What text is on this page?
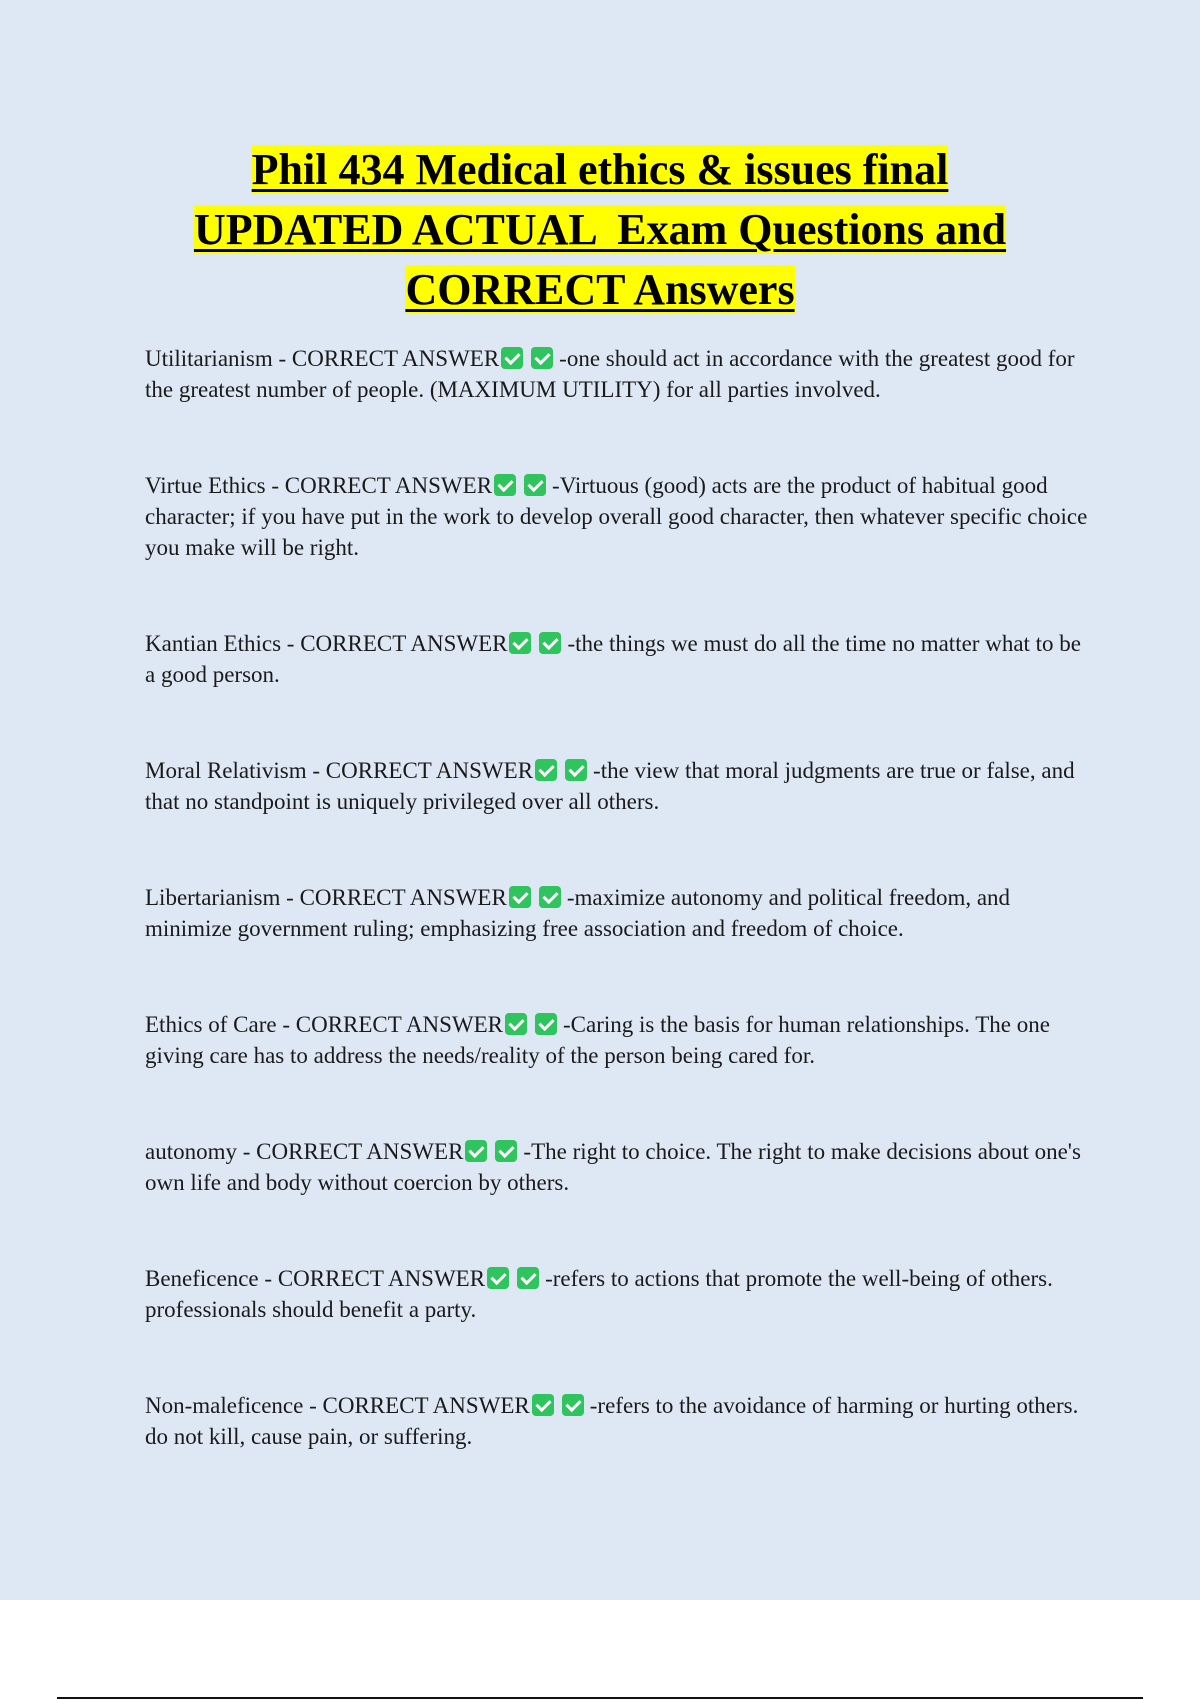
Phil 434 Medical ethics & issues final
UPDATED ACTUAL  Exam Questions and
CORRECT Answers

Utilitarianism - CORRECT ANSWER	-one should act in accordance with the greatest good for the greatest number of people. (MAXIMUM UTILITY) for all parties involved.

Virtue Ethics - CORRECT ANSWER	-Virtuous (good) acts are the product of habitual good character; if you have put in the work to develop overall good character, then whatever specific choice you make will be right.

Kantian Ethics - CORRECT ANSWER	-the things we must do all the time no matter what to be a good person.

Moral Relativism - CORRECT ANSWER	-the view that moral judgments are true or false, and that no standpoint is uniquely privileged over all others.

Libertarianism - CORRECT ANSWER	-maximize autonomy and political freedom, and minimize government ruling; emphasizing free association and freedom of choice.

Ethics of Care - CORRECT ANSWER	-Caring is the basis for human relationships. The one giving care has to address the needs/reality of the person being cared for.

autonomy - CORRECT ANSWER	-The right to choice. The right to make decisions about one's own life and body without coercion by others.

Beneficence - CORRECT ANSWER	-refers to actions that promote the well-being of others. professionals should benefit a party.

Non-maleficence - CORRECT ANSWER	-refers to the avoidance of harming or hurting others. do not kill, cause pain, or suffering.
